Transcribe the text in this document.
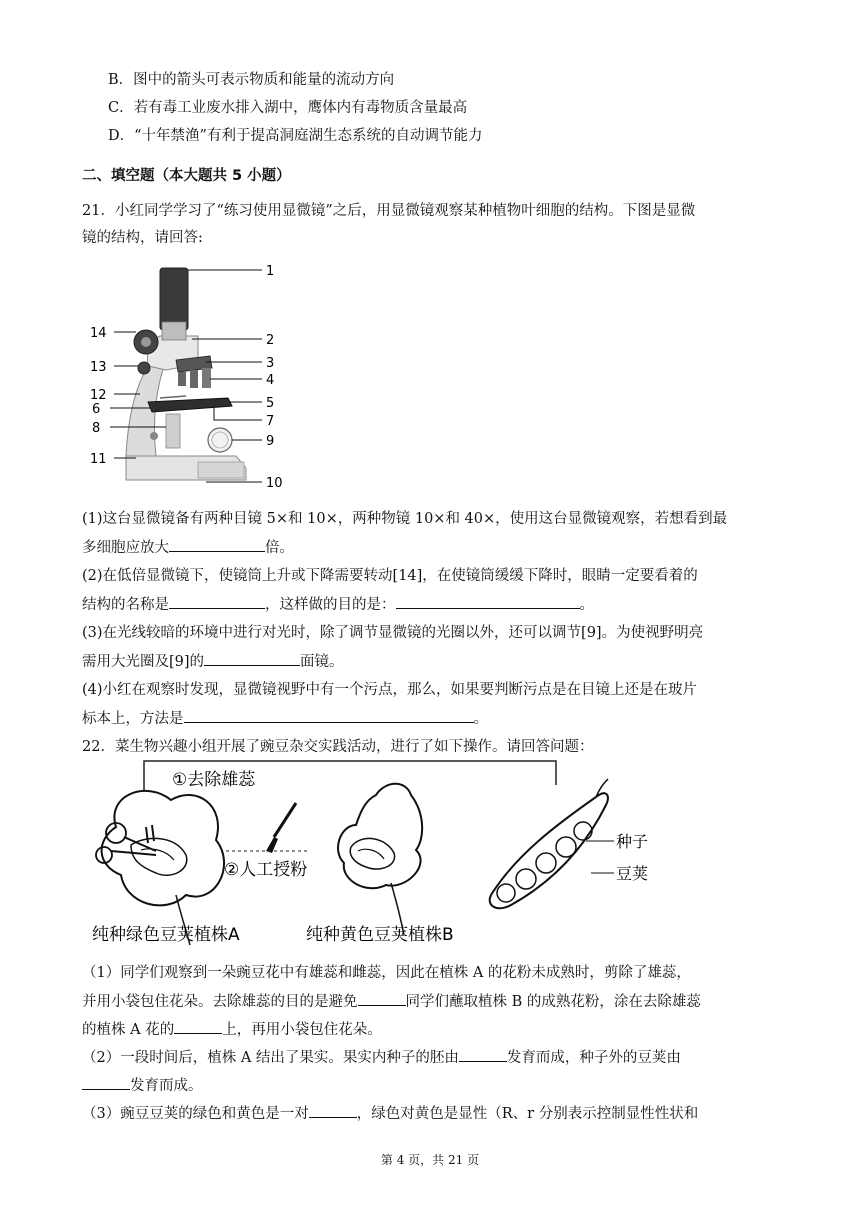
B．图中的箭头可表示物质和能量的流动方向
C．若有毒工业废水排入湖中，鹰体内有毒物质含量最高
D．“十年禁渔”有利于提高洞庭湖生态系统的自动调节能力
二、填空题（本大题共 5 小题）
21．小红同学学习了“练习使用显微镜”之后，用显微镜观察某种植物叶细胞的结构。下图是显微
镜的结构，请回答:
1
2
3
4
5
6
7
8
9
10
11
12
13
14
(1)这台显微镜备有两种目镜 5×和 10×，两种物镜 10×和 40×，使用这台显微镜观察，若想看到最
多细胞应放大	倍。
(2)在低倍显微镜下，使镜筒上升或下降需要转动[14]，在使镜筒缓缓下降时，眼睛一定要看着的
结构的名称是	，这样做的目的是：	。
(3)在光线较暗的环境中进行对光时，除了调节显微镜的光圈以外，还可以调节[9]。为使视野明亮
需用大光圈及[9]的	面镜。
(4)小红在观察时发现，显微镜视野中有一个污点，那么，如果要判断污点是在目镜上还是在玻片
标本上，方法是	。
22．菜生物兴趣小组开展了豌豆杂交实践活动，进行了如下操作。请回答问题：
①去除雄蕊
②人工授粉
种子
豆荚
纯种绿色豆荚植株A	纯种黄色豆荚植株B
（1）同学们观察到一朵豌豆花中有雄蕊和雌蕊，因此在植株 A 的花粉未成熟时，剪除了雄蕊，
并用小袋包住花朵。去除雄蕊的目的是避免	同学们蘸取植株 B 的成熟花粉，涂在去除雄蕊
的植株 A 花的	上，再用小袋包住花朵。
（2）一段时间后，植株 A 结出了果实。果实内种子的胚由	发育而成，种子外的豆荚由
发育而成。
（3）豌豆豆荚的绿色和黄色是一对	，绿色对黄色是显性（R、r 分别表示控制显性性状和
第 4 页，共 21 页
